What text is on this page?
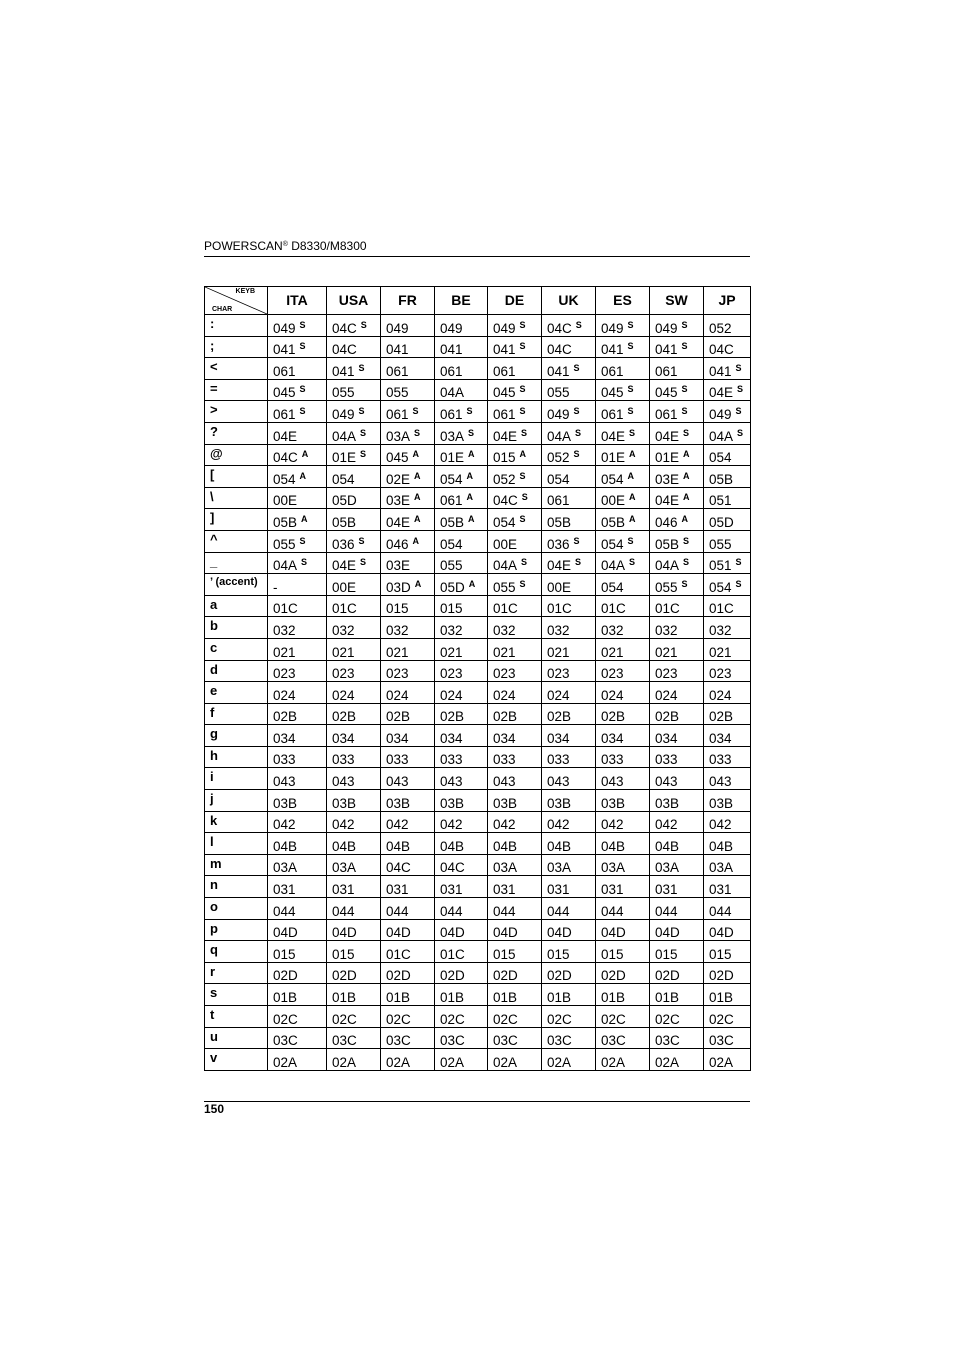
POWERSCAN® D8330/M8300
KEYB
CHAR	ITA	USA	FR	BE	DE	UK	ES	SW	JP
:	049 $^S$	04C $^S$	049	049	049 $^S$	04C $^S$	049 $^S$	049 $^S$	052
;	041 $^S$	04C	041	041	041 $^S$	04C	041 $^S$	041 $^S$	04C
<	061	041 $^S$	061	061	061	041 $^S$	061	061	041 $^S$
=	045 $^S$	055	055	04A	045 $^S$	055	045 $^S$	045 $^S$	04E $^S$
>	061 $^S$	049 $^S$	061 $^S$	061 $^S$	061 $^S$	049 $^S$	061 $^S$	061 $^S$	049 $^S$
?	04E	04A $^S$	03A $^S$	03A $^S$	04E $^S$	04A $^S$	04E $^S$	04E $^S$	04A $^S$
@	04C $^A$	01E $^S$	045 $^A$	01E $^A$	015 $^A$	052 $^S$	01E $^A$	01E $^A$	054
[	054 $^A$	054	02E $^A$	054 $^A$	052 $^S$	054	054 $^A$	03E $^A$	05B
\	00E	05D	03E $^A$	061 $^A$	04C $^S$	061	00E $^A$	04E $^A$	051
]	05B $^A$	05B	04E $^A$	05B $^A$	054 $^S$	05B	05B $^A$	046 $^A$	05D
^	055 $^S$	036 $^S$	046 $^A$	054	00E	036 $^S$	054 $^S$	05B $^S$	055
_	04A $^S$	04E $^S$	03E	055	04A $^S$	04E $^S$	04A $^S$	04A $^S$	051 $^S$
’ (accent)	-	00E	03D $^A$	05D $^A$	055 $^S$	00E	054	055 $^S$	054 $^S$
a	01C	01C	015	015	01C	01C	01C	01C	01C
b	032	032	032	032	032	032	032	032	032
c	021	021	021	021	021	021	021	021	021
d	023	023	023	023	023	023	023	023	023
e	024	024	024	024	024	024	024	024	024
f	02B	02B	02B	02B	02B	02B	02B	02B	02B
g	034	034	034	034	034	034	034	034	034
h	033	033	033	033	033	033	033	033	033
i	043	043	043	043	043	043	043	043	043
j	03B	03B	03B	03B	03B	03B	03B	03B	03B
k	042	042	042	042	042	042	042	042	042
l	04B	04B	04B	04B	04B	04B	04B	04B	04B
m	03A	03A	04C	04C	03A	03A	03A	03A	03A
n	031	031	031	031	031	031	031	031	031
o	044	044	044	044	044	044	044	044	044
p	04D	04D	04D	04D	04D	04D	04D	04D	04D
q	015	015	01C	01C	015	015	015	015	015
r	02D	02D	02D	02D	02D	02D	02D	02D	02D
s	01B	01B	01B	01B	01B	01B	01B	01B	01B
t	02C	02C	02C	02C	02C	02C	02C	02C	02C
u	03C	03C	03C	03C	03C	03C	03C	03C	03C
v	02A	02A	02A	02A	02A	02A	02A	02A	02A
150
